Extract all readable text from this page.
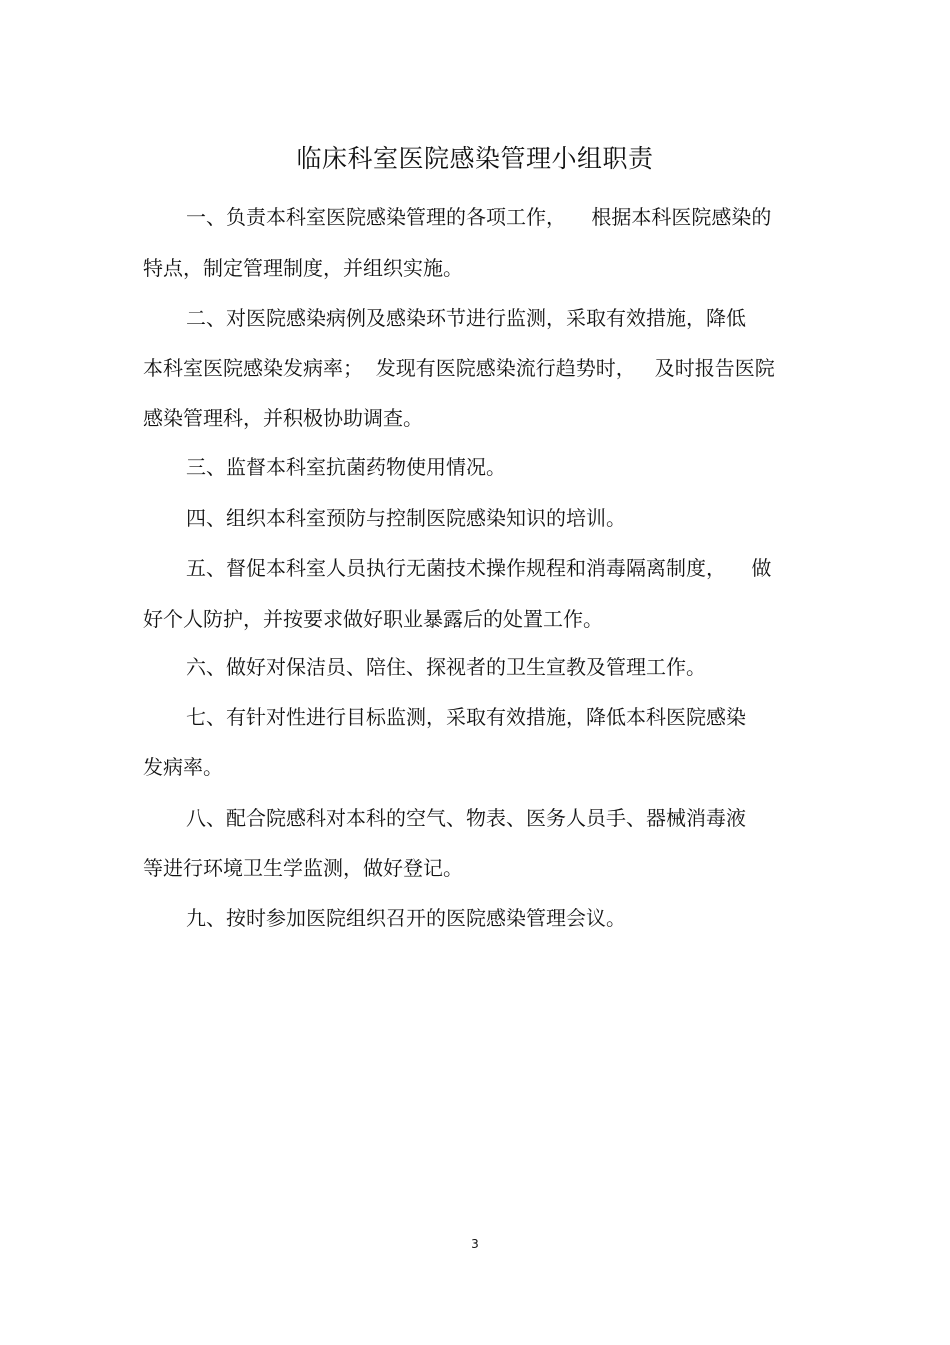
临床科室医院感染管理小组职责
一、负责本科室医院感染管理的各项工作，    根据本科医院感染的
特点，制定管理制度，并组织实施。
二、对医院感染病例及感染环节进行监测，采取有效措施，降低
本科室医院感染发病率；  发现有医院感染流行趋势时，   及时报告医院
感染管理科，并积极协助调查。
三、监督本科室抗菌药物使用情况。
四、组织本科室预防与控制医院感染知识的培训。
五、督促本科室人员执行无菌技术操作规程和消毒隔离制度，    做
好个人防护，并按要求做好职业暴露后的处置工作。
六、做好对保洁员、陪住、探视者的卫生宣教及管理工作。
七、有针对性进行目标监测，采取有效措施，降低本科医院感染
发病率。
八、配合院感科对本科的空气、物表、医务人员手、器械消毒液
等进行环境卫生学监测，做好登记。
九、按时参加医院组织召开的医院感染管理会议。
3
